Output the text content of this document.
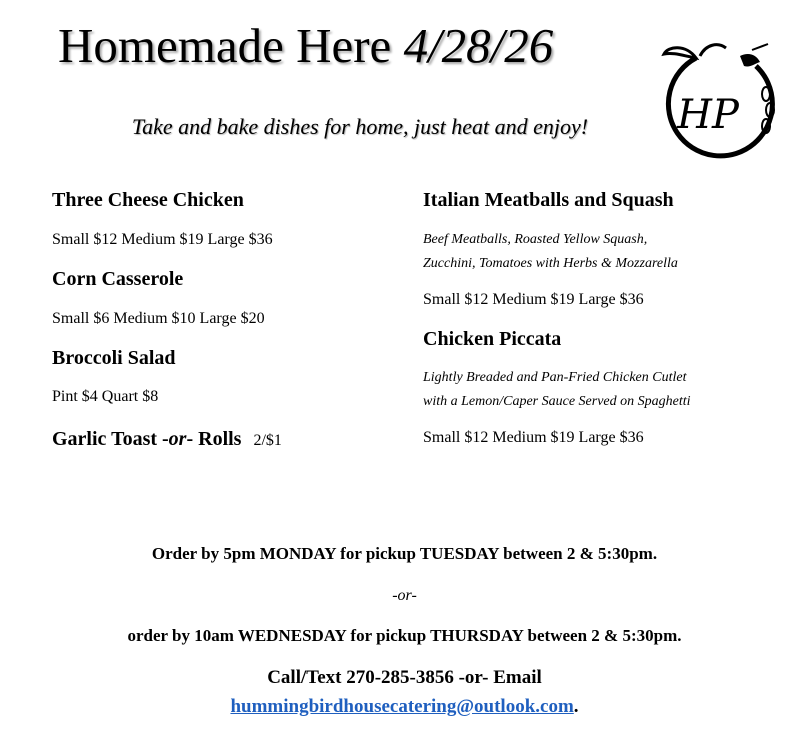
Homemade Here 4/28/26
Take and bake dishes for home, just heat and enjoy!	HP
Three Cheese Chicken
Small $12 Medium $19 Large $36
Corn Casserole
Small $6 Medium $10 Large $20
Broccoli Salad
Pint $4 Quart $8
Garlic Toast -or- Rolls 2/$1
Italian Meatballs and Squash
Beef Meatballs, Roasted Yellow Squash,
Zucchini, Tomatoes with Herbs & Mozzarella
Small $12 Medium $19 Large $36
Chicken Piccata
Lightly Breaded and Pan-Fried Chicken Cutlet
with a Lemon/Caper Sauce Served on Spaghetti
Small $12 Medium $19 Large $36
Order by 5pm MONDAY for pickup TUESDAY between 2 & 5:30pm.
-or-
order by 10am WEDNESDAY for pickup THURSDAY between 2 & 5:30pm.
Call/Text 270-285-3856 -or- Email
hummingbirdhousecatering@outlook.com.
